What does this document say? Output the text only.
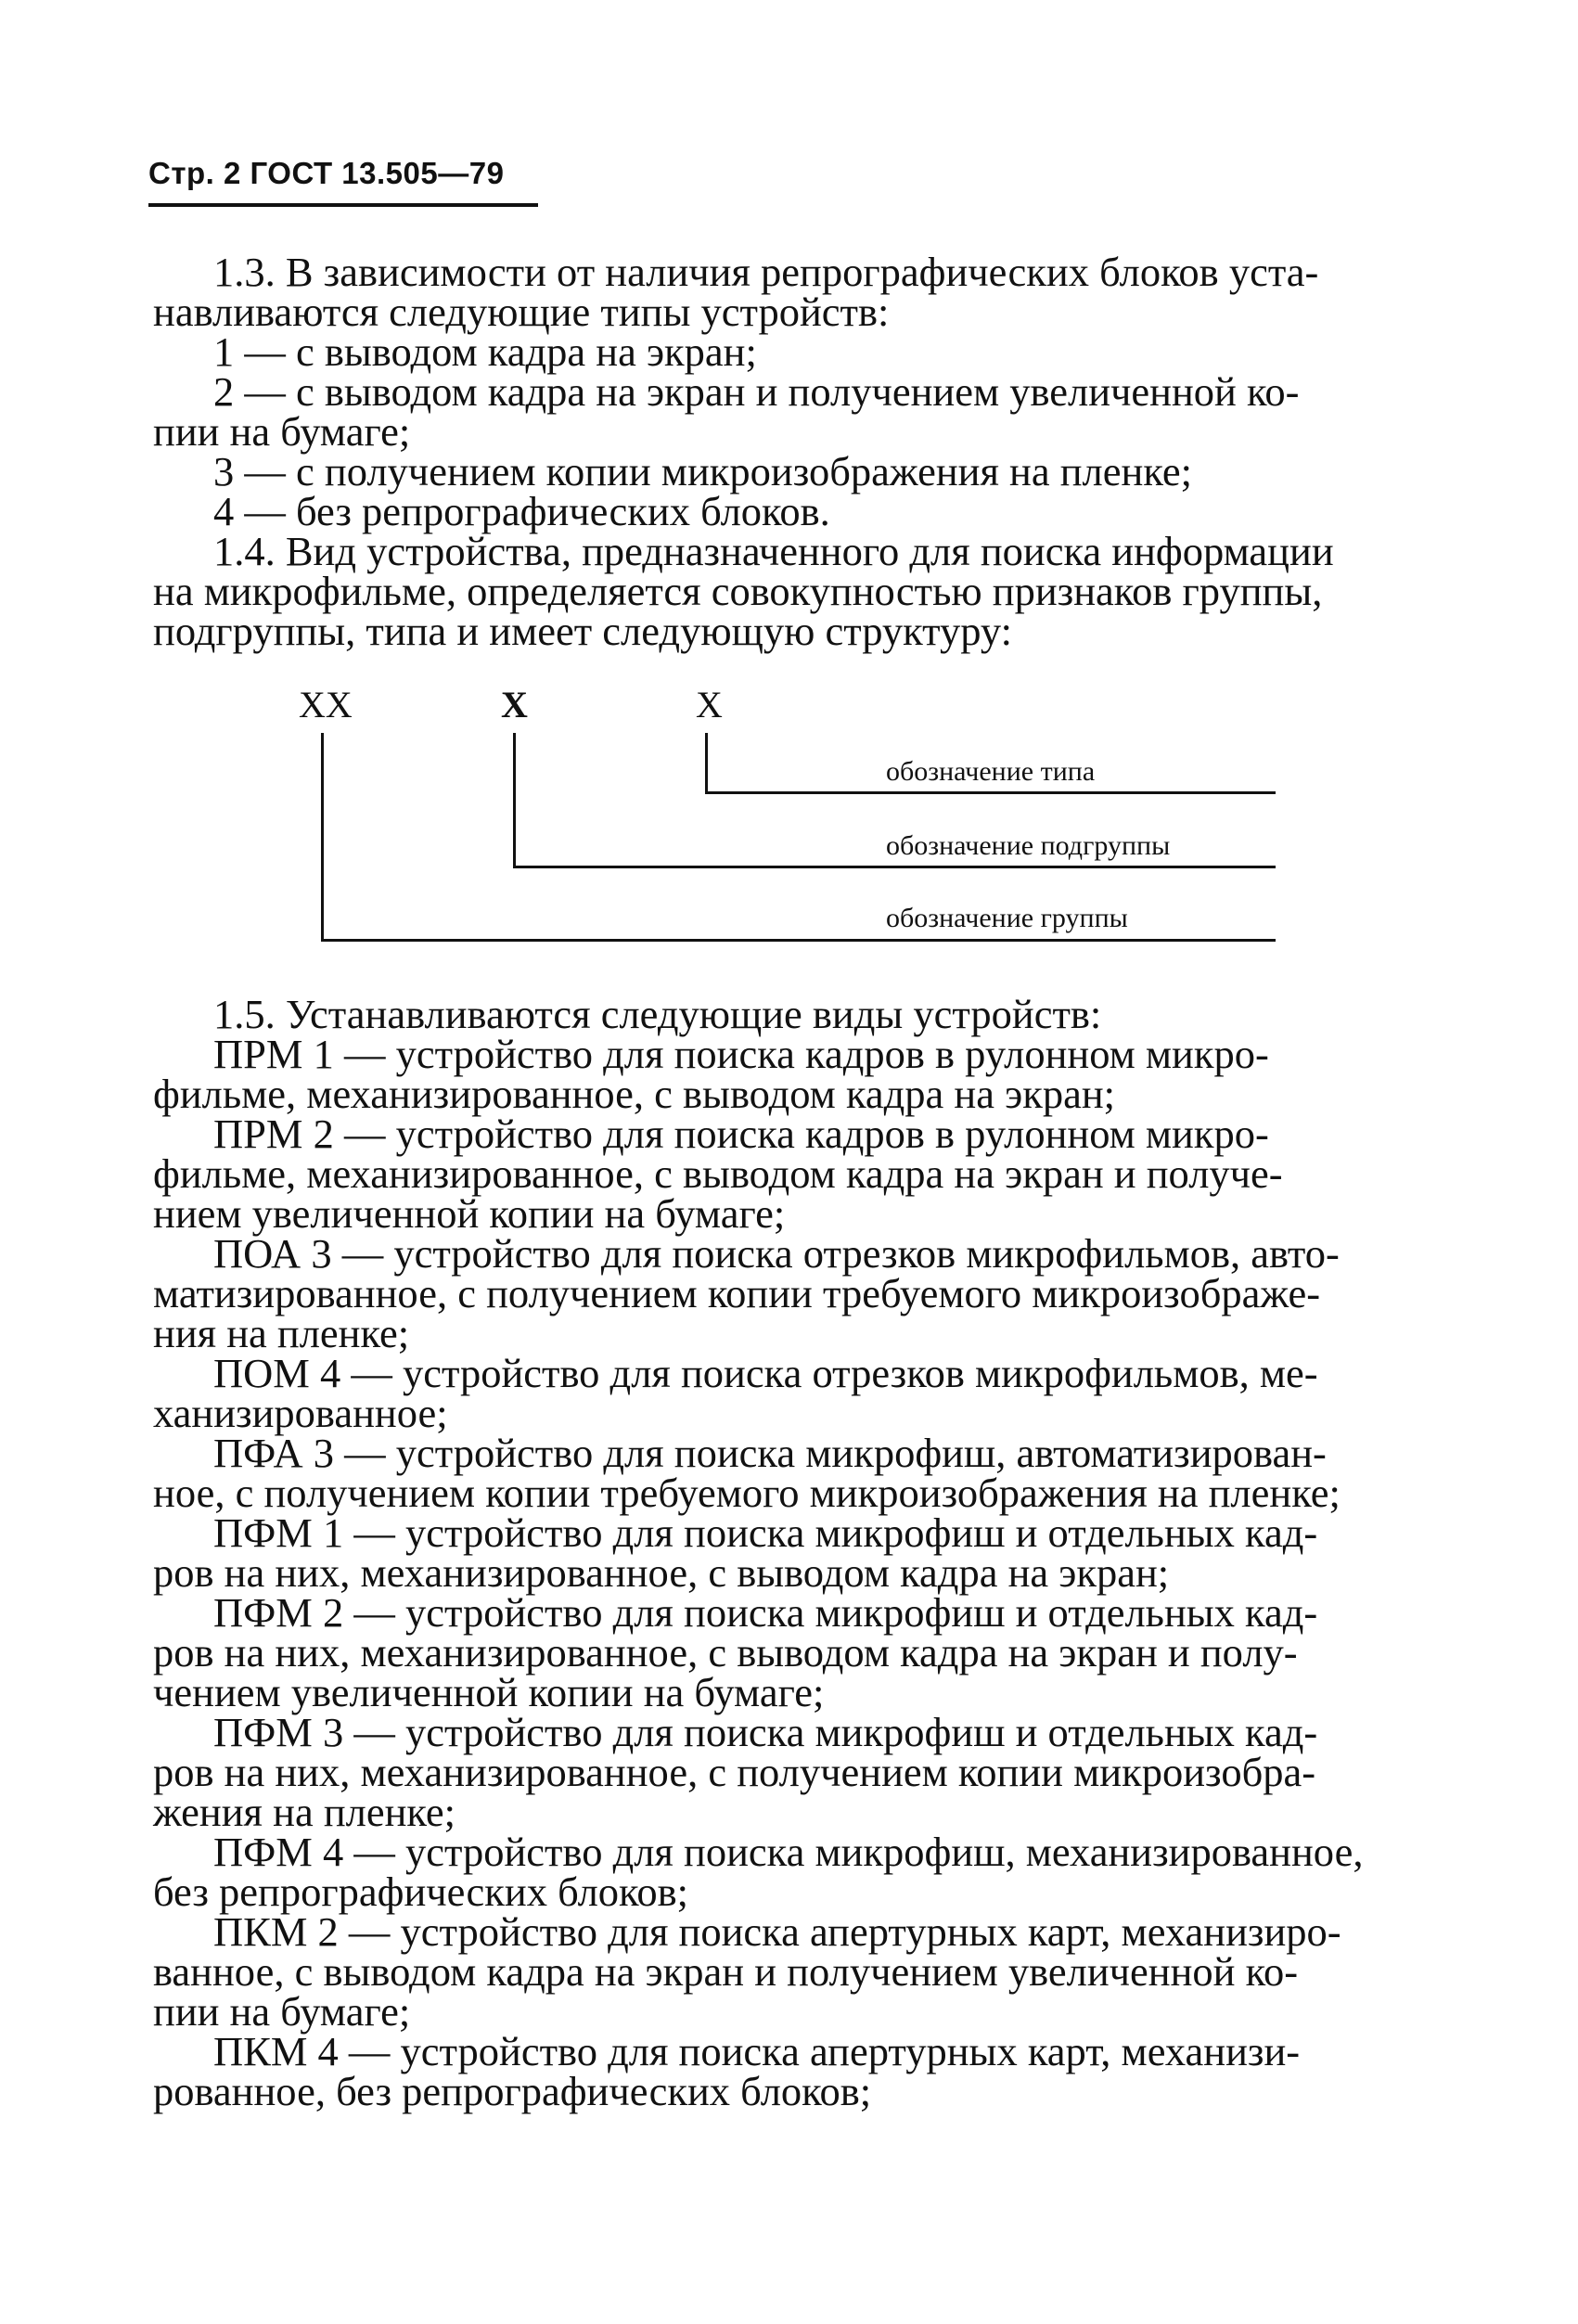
Стр. 2 ГОСТ 13.505—79
1.3. В зависимости от наличия репрографических блоков уста-
навливаются следующие типы устройств:
1 — с выводом кадра на экран;
2 — с выводом кадра на экран и получением увеличенной ко-
пии на бумаге;
3 — с получением копии микроизображения на пленке;
4 — без репрографических блоков.
1.4. Вид устройства, предназначенного для поиска информации
на микрофильме, определяется совокупностью признаков группы,
подгруппы, типа и имеет следующую структуру:
1.5. Устанавливаются следующие виды устройств:
ПРМ 1 — устройство для поиска кадров в рулонном микро-
фильме, механизированное, с выводом кадра на экран;
ПРМ 2 — устройство для поиска кадров в рулонном микро-
фильме, механизированное, с выводом кадра на экран и получе-
нием увеличенной копии на бумаге;
ПОА 3 — устройство для поиска отрезков микрофильмов, авто-
матизированное, с получением копии требуемого микроизображе-
ния на пленке;
ПОМ 4 — устройство для поиска отрезков микрофильмов, ме-
ханизированное;
ПФА 3 — устройство для поиска микрофиш, автоматизирован-
ное, с получением копии требуемого микроизображения на пленке;
ПФМ 1 — устройство для поиска микрофиш и отдельных кад-
ров на них, механизированное, с выводом кадра на экран;
ПФМ 2 — устройство для поиска микрофиш и отдельных кад-
ров на них, механизированное, с выводом кадра на экран и полу-
чением увеличенной копии на бумаге;
ПФМ 3 — устройство для поиска микрофиш и отдельных кад-
ров на них, механизированное, с получением копии микроизобра-
жения на пленке;
ПФМ 4 — устройство для поиска микрофиш, механизированное,
без репрографических блоков;
ПКМ 2 — устройство для поиска апертурных карт, механизиро-
ванное, с выводом кадра на экран и получением увеличенной ко-
пии на бумаге;
ПКМ 4 — устройство для поиска апертурных карт, механизи-
рованное, без репрографических блоков;
XX	X	X
обозначение типа
обозначение подгруппы
обозначение группы
